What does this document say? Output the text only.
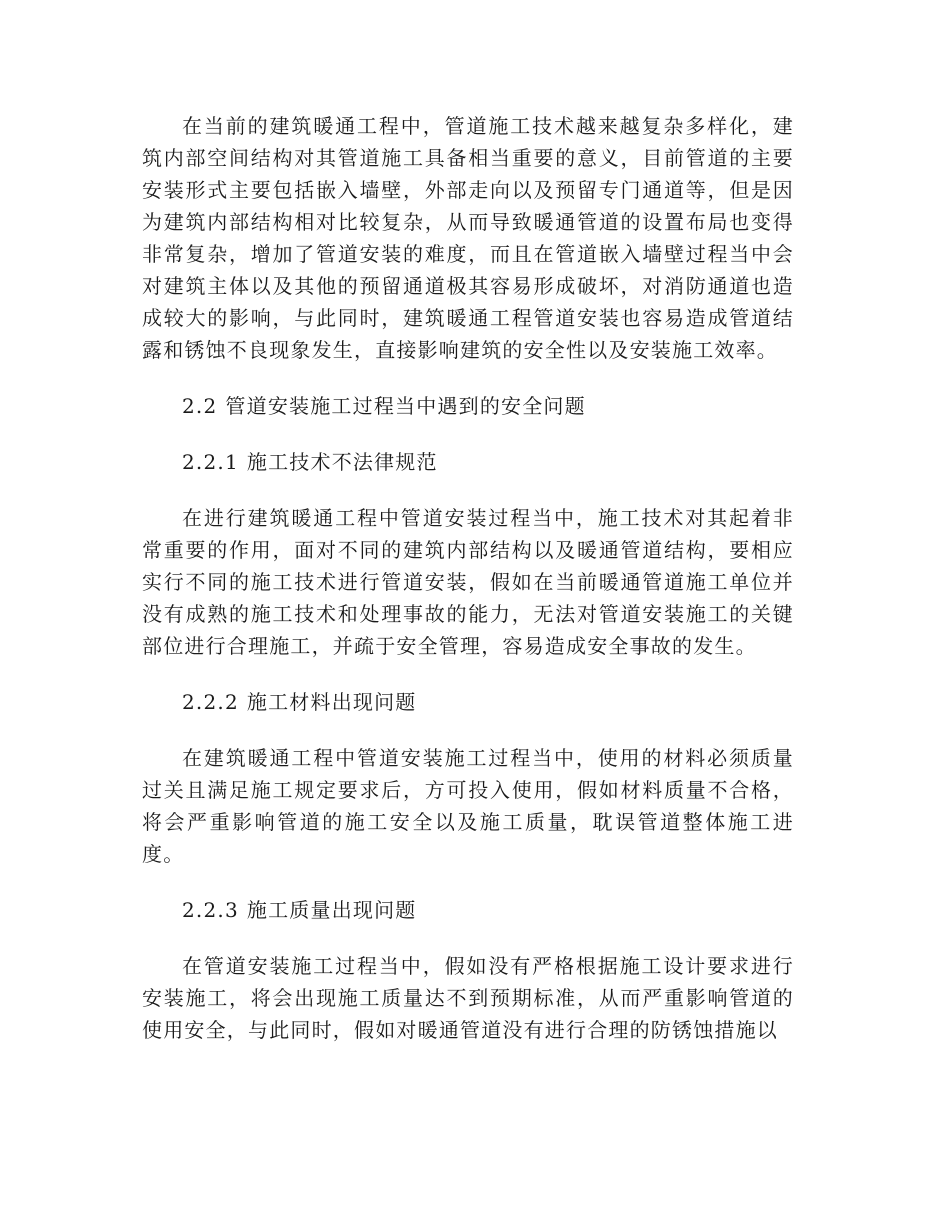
在当前的建筑暖通工程中，管道施工技术越来越复杂多样化，建筑内部空间结构对其管道施工具备相当重要的意义，目前管道的主要安装形式主要包括嵌入墙壁，外部走向以及预留专门通道等，但是因为建筑内部结构相对比较复杂，从而导致暖通管道的设置布局也变得非常复杂，增加了管道安装的难度，而且在管道嵌入墙壁过程当中会对建筑主体以及其他的预留通道极其容易形成破坏，对消防通道也造成较大的影响，与此同时，建筑暖通工程管道安装也容易造成管道结露和锈蚀不良现象发生，直接影响建筑的安全性以及安装施工效率。

2.2 管道安装施工过程当中遇到的安全问题
2.2.1 施工技术不法律规范

在进行建筑暖通工程中管道安装过程当中，施工技术对其起着非常重要的作用，面对不同的建筑内部结构以及暖通管道结构，要相应实行不同的施工技术进行管道安装，假如在当前暖通管道施工单位并没有成熟的施工技术和处理事故的能力，无法对管道安装施工的关键部位进行合理施工，并疏于安全管理，容易造成安全事故的发生。

2.2.2 施工材料出现问题

在建筑暖通工程中管道安装施工过程当中，使用的材料必须质量过关且满足施工规定要求后，方可投入使用，假如材料质量不合格，将会严重影响管道的施工安全以及施工质量，耽误管道整体施工进度。

2.2.3 施工质量出现问题

在管道安装施工过程当中，假如没有严格根据施工设计要求进行安装施工，将会出现施工质量达不到预期标准，从而严重影响管道的使用安全，与此同时，假如对暖通管道没有进行合理的防锈蚀措施以
